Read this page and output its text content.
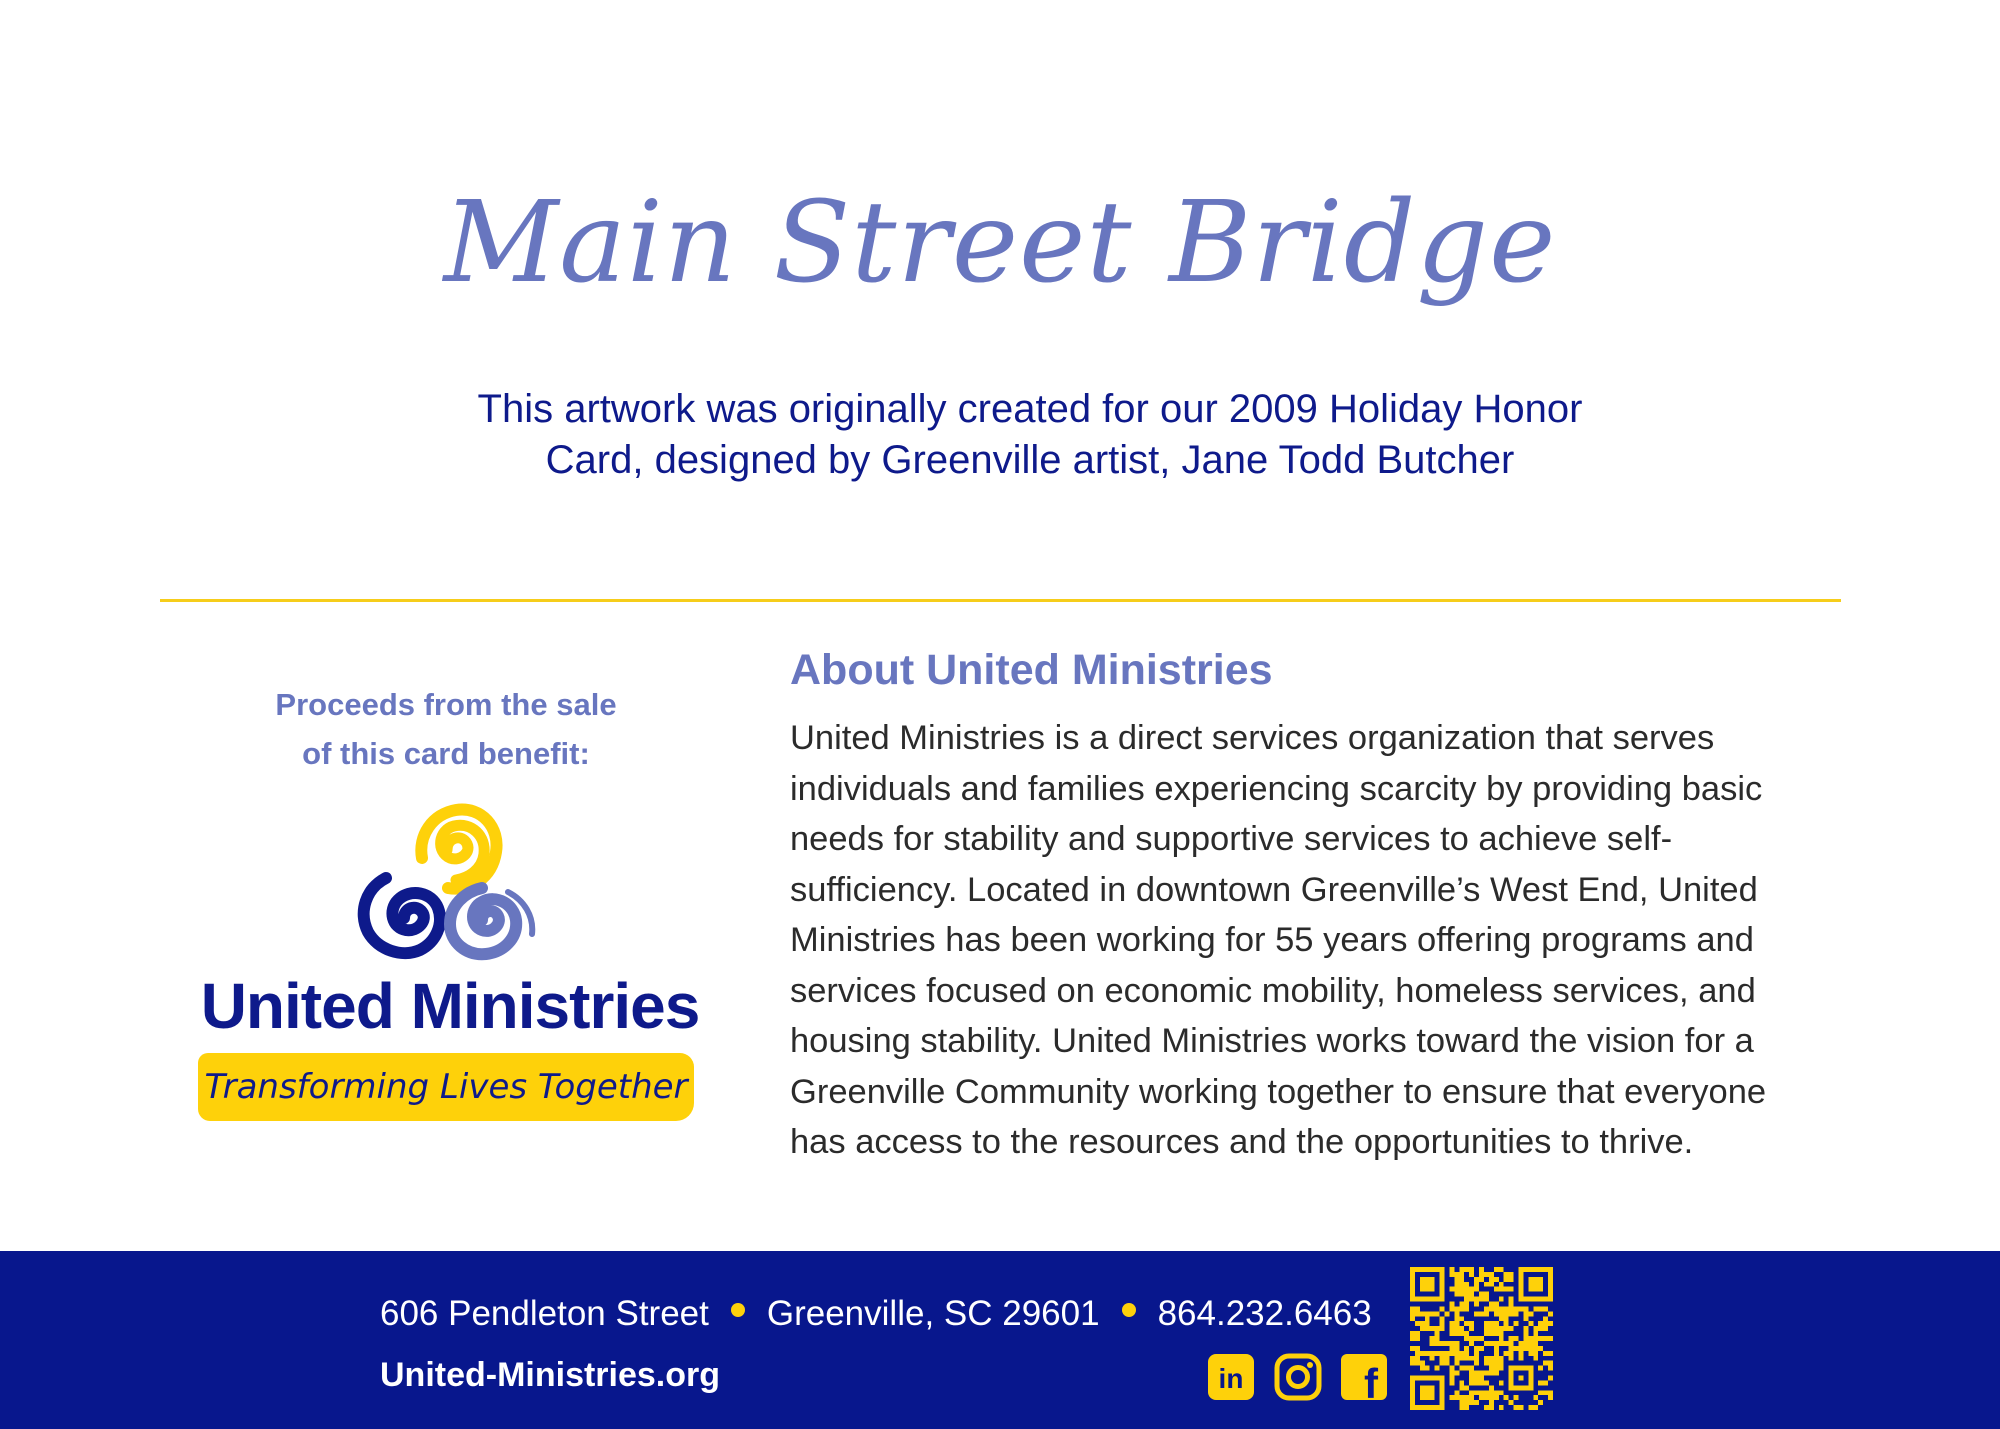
Main Street Bridge
This artwork was originally created for our 2009 Holiday Honor
Card, designed by Greenville artist, Jane Todd Butcher
Proceeds from the sale
of this card benefit:
United Ministries
Transforming Lives Together
About United Ministries
United Ministries is a direct services organization that serves
individuals and families experiencing scarcity by providing basic
needs for stability and supportive services to achieve self-
sufficiency. Located in downtown Greenville’s West End, United
Ministries has been working for 55 years offering programs and
services focused on economic mobility, homeless services, and
housing stability. United Ministries works toward the vision for a
Greenville Community working together to ensure that everyone
has access to the resources and the opportunities to thrive.
606 Pendleton Street Greenville, SC 29601 864.232.6463
United-Ministries.org	in	f
